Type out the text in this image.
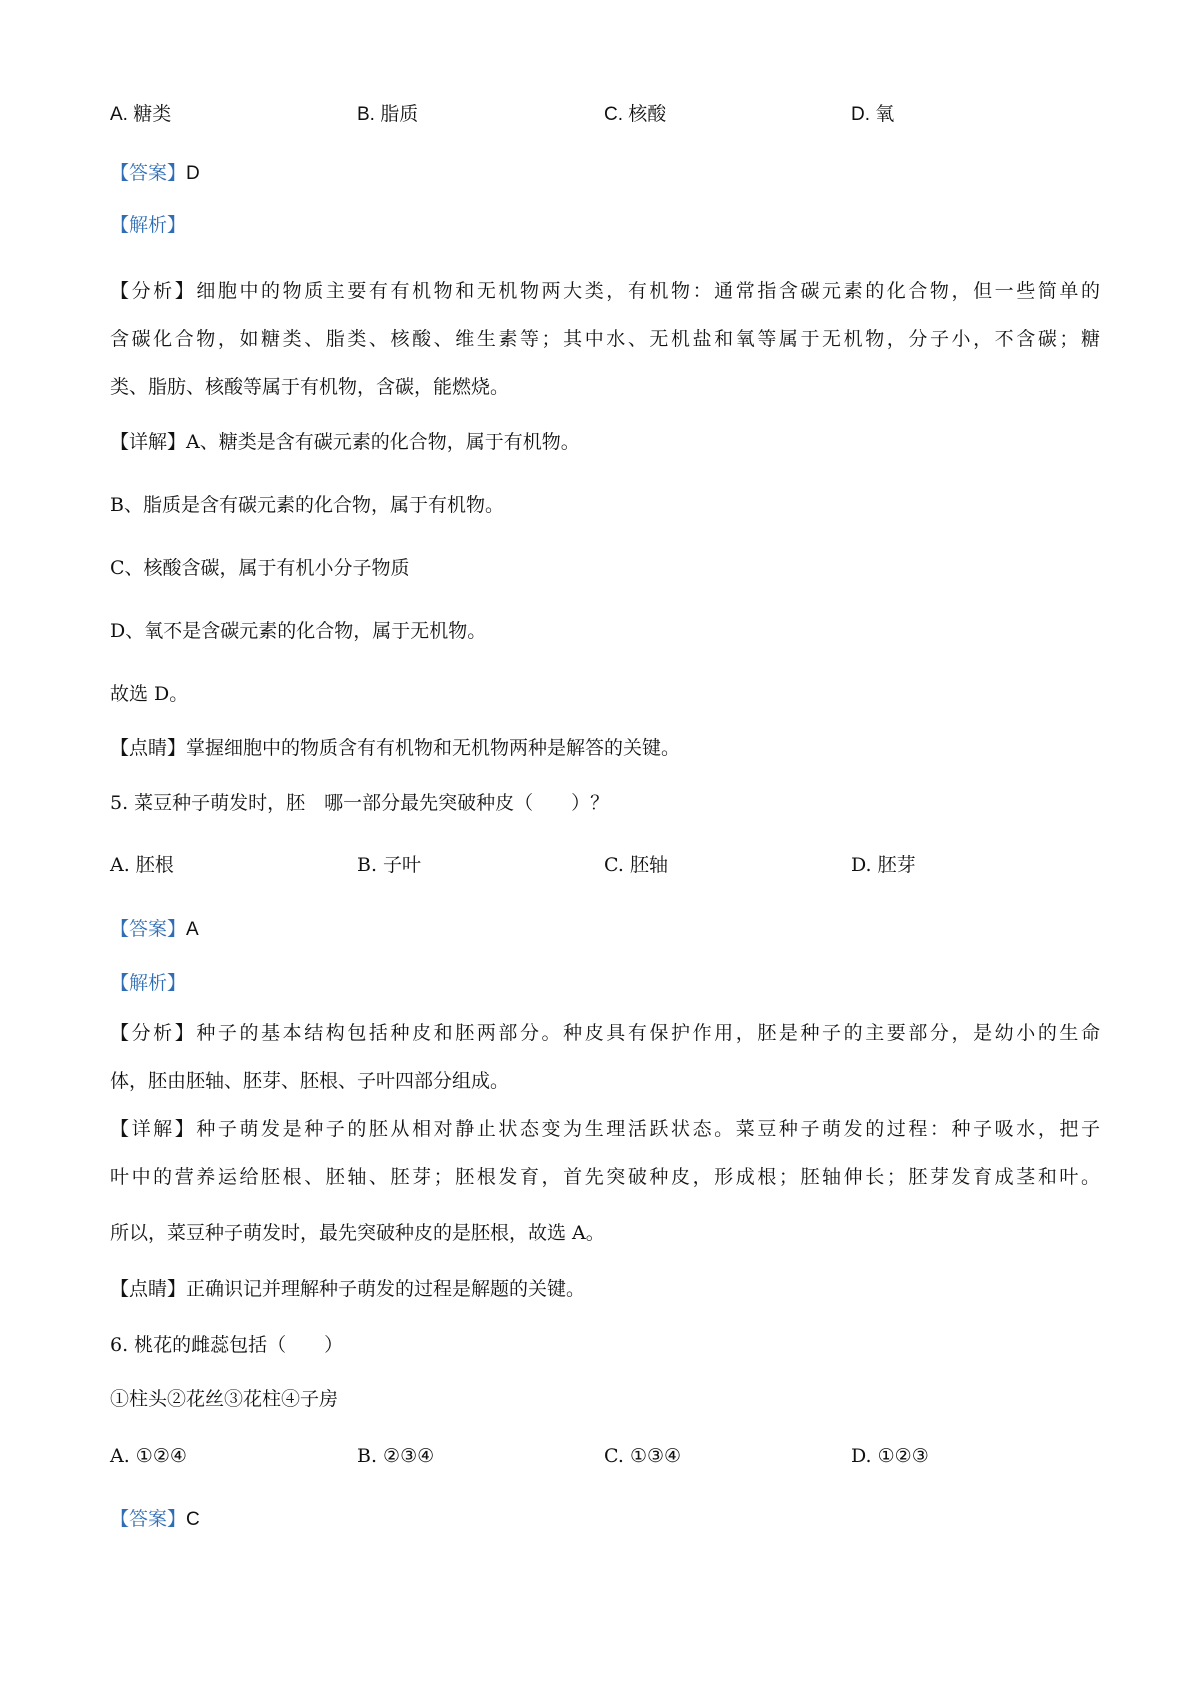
A. 糖类	B. 脂质	C. 核酸	D. 氧
【答案】D
【解析】
【分析】细胞中的物质主要有有机物和无机物两大类，有机物：通常指含碳元素的化合物，但一些简单的
含碳化合物，如糖类、脂类、核酸、维生素等；其中水、无机盐和氧等属于无机物，分子小，不含碳；糖
类、脂肪、核酸等属于有机物，含碳，能燃烧。
【详解】A、糖类是含有碳元素的化合物，属于有机物。
B、脂质是含有碳元素的化合物，属于有机物。
C、核酸含碳，属于有机小分子物质
D、氧不是含碳元素的化合物，属于无机物。
故选 D。
【点睛】掌握细胞中的物质含有有机物和无机物两种是解答的关键。
5. 菜豆种子萌发时，胚　哪一部分最先突破种皮（　　）？
A. 胚根	B. 子叶	C. 胚轴	D. 胚芽
【答案】A
【解析】
【分析】种子的基本结构包括种皮和胚两部分。种皮具有保护作用，胚是种子的主要部分，是幼小的生命
体，胚由胚轴、胚芽、胚根、子叶四部分组成。
【详解】种子萌发是种子的胚从相对静止状态变为生理活跃状态。菜豆种子萌发的过程：种子吸水，把子
叶中的营养运给胚根、胚轴、胚芽；胚根发育，首先突破种皮，形成根；胚轴伸长；胚芽发育成茎和叶。
所以，菜豆种子萌发时，最先突破种皮的是胚根，故选 A。
【点睛】正确识记并理解种子萌发的过程是解题的关键。
6. 桃花的雌蕊包括（　　）
①柱头②花丝③花柱④子房
A. ①②④	B. ②③④	C. ①③④	D. ①②③
【答案】C
